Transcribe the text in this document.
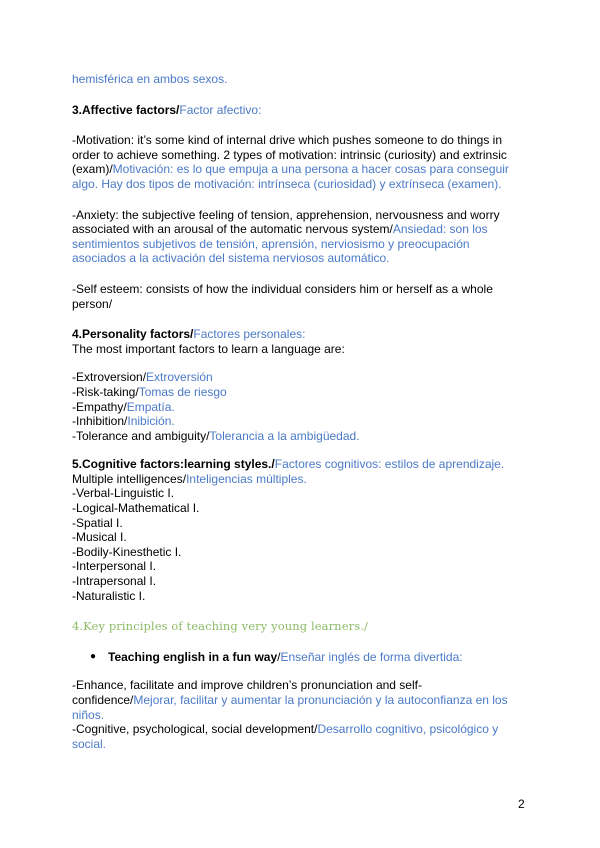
hemisférica en ambos sexos.

3.Affective factors/Factor afectivo:

-Motivation: it’s some kind of internal drive which pushes someone to do things in order to achieve something. 2 types of motivation: intrinsic (curiosity) and extrinsic (exam)/Motivación: es lo que empuja a una persona a hacer cosas para conseguir algo. Hay dos tipos de motivación: intrínseca (curiosidad) y extrínseca (examen).

-Anxiety: the subjective feeling of tension, apprehension, nervousness and worry associated with an arousal of the automatic nervous system/Ansiedad: son los sentimientos subjetivos de tensión, aprensión, nerviosismo y preocupación asociados a la activación del sistema nerviosos automático.

-Self esteem: consists of how the individual considers him or herself as a whole person/

4.Personality factors/Factores personales:

The most important factors to learn a language are:

-Extroversion/Extroversión

-Risk-taking/Tomas de riesgo

-Empathy/Empatía.

-Inhibition/Inibición.

-Tolerance and ambiguity/Tolerancia a la ambigüedad.

5.Cognitive factors:learning styles./Factores cognitivos: estilos de aprendizaje.

Multiple intelligences/Inteligencias múltiples.

-Verbal-Linguistic I.

-Logical-Mathematical I.

-Spatial I.

-Musical I.

-Bodily-Kinesthetic I.

-Interpersonal I.

-Intrapersonal I.

-Naturalistic I.

4.Key principles of teaching very young learners./

● Teaching english in a fun way/Enseñar inglés de forma divertida:

-Enhance, facilitate and improve children’s pronunciation and self-confidence/Mejorar, facilitar y aumentar la pronunciación y la autoconfianza en los niños.

-Cognitive, psychological, social development/Desarrollo cognitivo, psicológico y social.

2
